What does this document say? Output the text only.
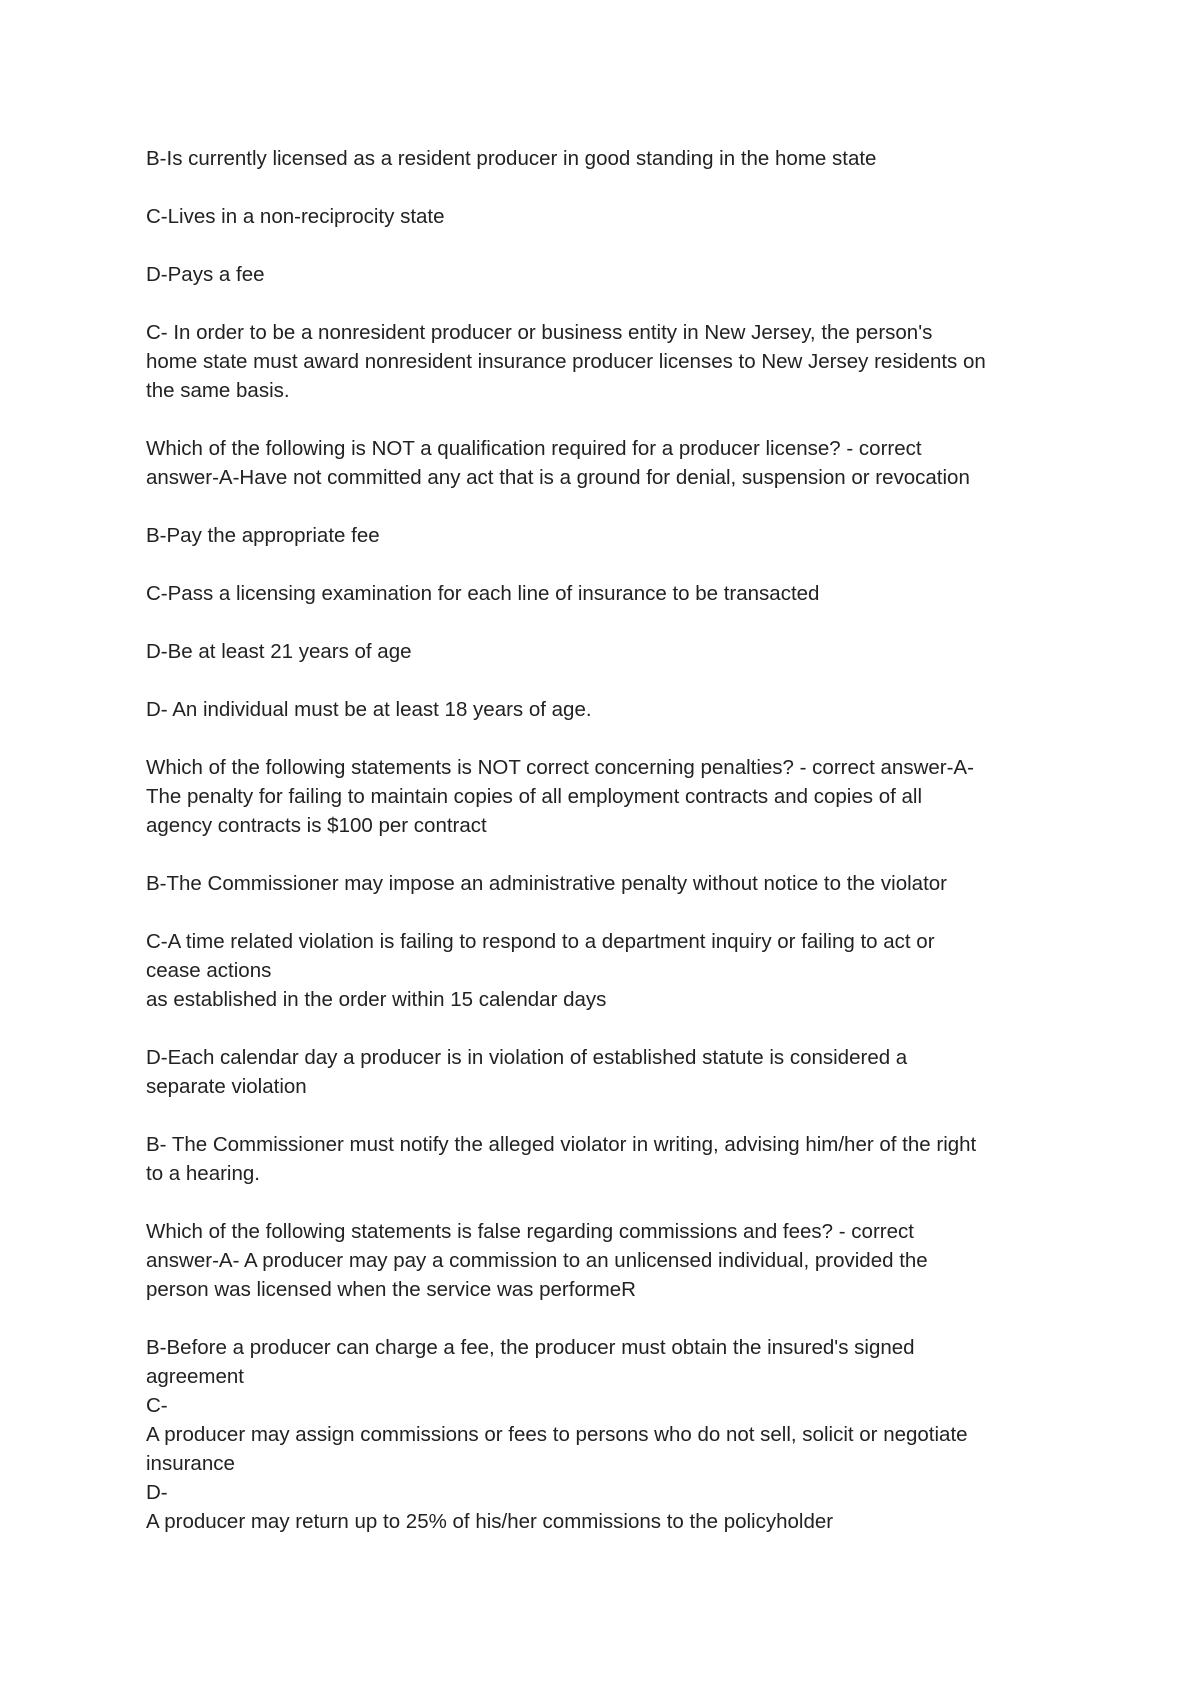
B-Is currently licensed as a resident producer in good standing in the home state

C-Lives in a non-reciprocity state

D-Pays a fee

C- In order to be a nonresident producer or business entity in New Jersey, the person's
home state must award nonresident insurance producer licenses to New Jersey residents on
the same basis.

Which of the following is NOT a qualification required for a producer license? - correct
answer-A-Have not committed any act that is a ground for denial, suspension or revocation

B-Pay the appropriate fee

C-Pass a licensing examination for each line of insurance to be transacted

D-Be at least 21 years of age

D- An individual must be at least 18 years of age.

Which of the following statements is NOT correct concerning penalties? - correct answer-A-
The penalty for failing to maintain copies of all employment contracts and copies of all
agency contracts is $100 per contract

B-The Commissioner may impose an administrative penalty without notice to the violator

C-A time related violation is failing to respond to a department inquiry or failing to act or
cease actions
as established in the order within 15 calendar days

D-Each calendar day a producer is in violation of established statute is considered a
separate violation

B- The Commissioner must notify the alleged violator in writing, advising him/her of the right
to a hearing.

Which of the following statements is false regarding commissions and fees? - correct
answer-A- A producer may pay a commission to an unlicensed individual, provided the
person was licensed when the service was performeR

B-Before a producer can charge a fee, the producer must obtain the insured's signed
agreement
C-
A producer may assign commissions or fees to persons who do not sell, solicit or negotiate
insurance
D-
A producer may return up to 25% of his/her commissions to the policyholder
